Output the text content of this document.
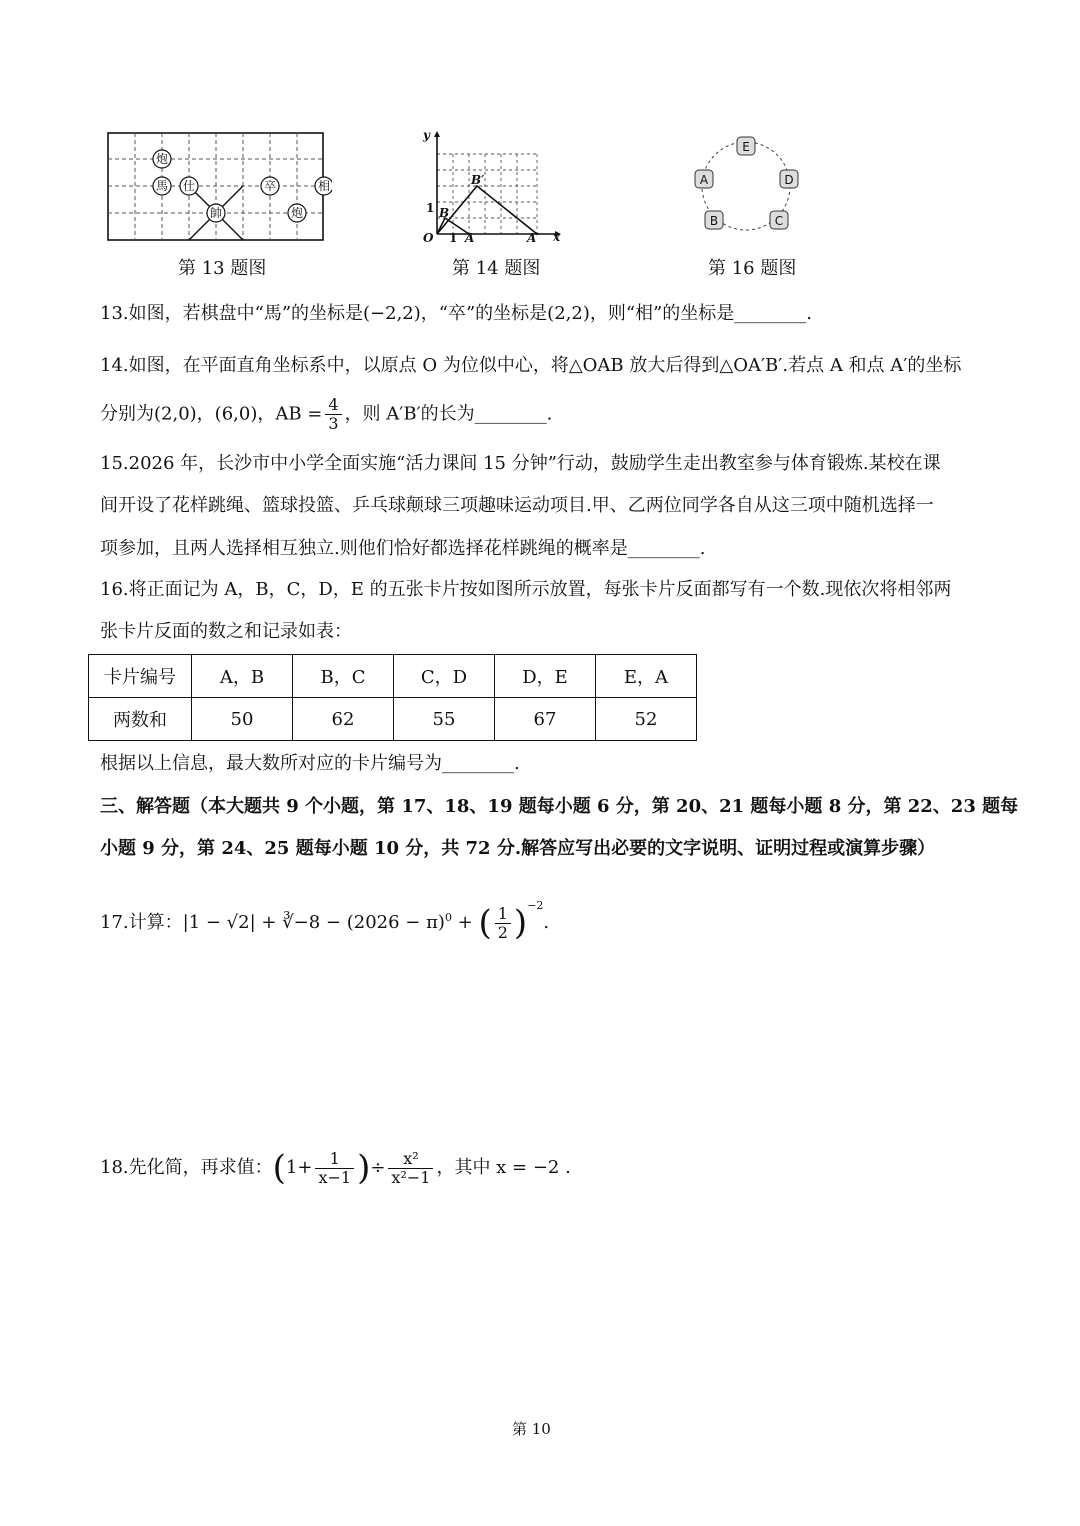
炮
馬 仕
帥
卒
炮
相
第 13 题图
y
x
O 1
1
A	A′
B
B′
第 14 题图
E
A	D
B	C
第 16 题图
13.如图，若棋盘中“馬”的坐标是(−2,2)，“卒”的坐标是(2,2)，则“相”的坐标是________.
14.如图，在平面直角坐标系中，以原点 O 为位似中心，将△OAB 放大后得到△OA′B′.若点 A 和点 A′的坐标
分别为(2,0)，(6,0)，AB = $\frac{4}{3}$ ，则 A′B′的长为________.
15.2026 年，长沙市中小学全面实施“活力课间 15 分钟”行动，鼓励学生走出教室参与体育锻炼.某校在课
间开设了花样跳绳、篮球投篮、乒乓球颠球三项趣味运动项目.甲、乙两位同学各自从这三项中随机选择一
项参加，且两人选择相互独立.则他们恰好都选择花样跳绳的概率是________.
16.将正面记为 A，B，C，D，E 的五张卡片按如图所示放置，每张卡片反面都写有一个数.现依次将相邻两
张卡片反面的数之和记录如表：
卡片编号	A，B	B，C	C，D	D，E	E，A
两数和	50	62	55	67	52
根据以上信息，最大数所对应的卡片编号为________.
三、解答题（本大题共 9 个小题，第 17、18、19 题每小题 6 分，第 20、21 题每小题 8 分，第 22、23 题每
小题 9 分，第 24、25 题每小题 10 分，共 72 分.解答应写出必要的文字说明、证明过程或演算步骤）
17.计算：|1 − √2| + ∛−8 − $(2026 - \pi)^0$ + ( $\frac{1}{2} )^{-2}$.
18.先化简，再求值：($1+ \frac{1}{x-1}$ )÷ $\frac{\text{x²}}{\text{x²−1}}$ ，其中 x = −2 .
第 10
